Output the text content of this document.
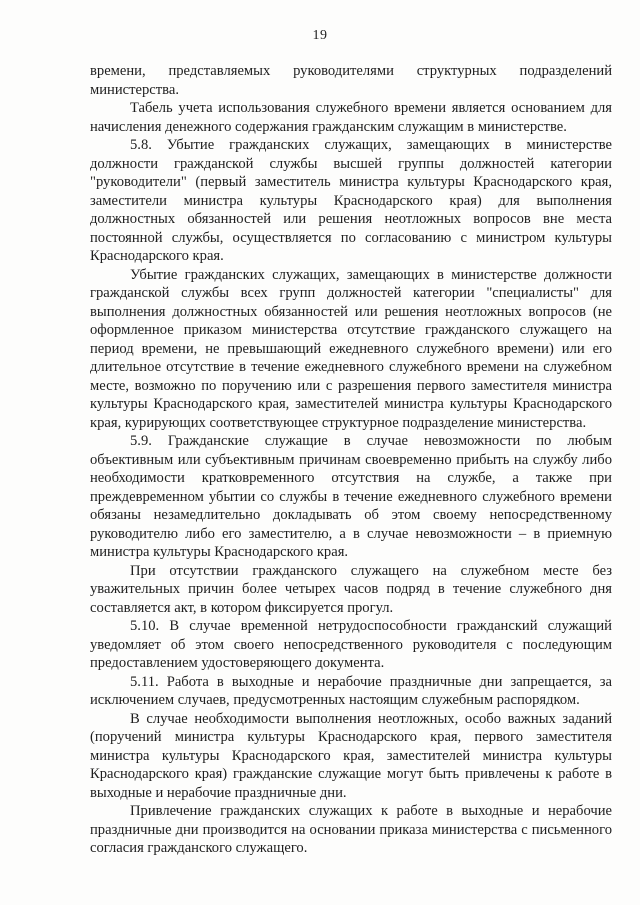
19

времени, представляемых руководителями структурных подразделений министерства.

Табель учета использования служебного времени является основанием для начисления денежного содержания гражданским служащим в министерстве.

5.8. Убытие гражданских служащих, замещающих в министерстве должности гражданской службы высшей группы должностей категории "руководители" (первый заместитель министра культуры Краснодарского края, заместители министра культуры Краснодарского края) для выполнения должностных обязанностей или решения неотложных вопросов вне места постоянной службы, осуществляется по согласованию с министром культуры Краснодарского края.

Убытие гражданских служащих, замещающих в министерстве должности гражданской службы всех групп должностей категории "специалисты" для выполнения должностных обязанностей или решения неотложных вопросов (не оформленное приказом министерства отсутствие гражданского служащего на период времени, не превышающий ежедневного служебного времени) или его длительное отсутствие в течение ежедневного служебного времени на служебном месте, возможно по поручению или с разрешения первого заместителя министра культуры Краснодарского края, заместителей министра культуры Краснодарского края, курирующих соответствующее структурное подразделение министерства.

5.9. Гражданские служащие в случае невозможности по любым объективным или субъективным причинам своевременно прибыть на службу либо необходимости кратковременного отсутствия на службе, а также при преждевременном убытии со службы в течение ежедневного служебного времени обязаны незамедлительно докладывать об этом своему непосредственному руководителю либо его заместителю, а в случае невозможности – в приемную министра культуры Краснодарского края.

При отсутствии гражданского служащего на служебном месте без уважительных причин более четырех часов подряд в течение служебного дня составляется акт, в котором фиксируется прогул.

5.10. В случае временной нетрудоспособности гражданский служащий уведомляет об этом своего непосредственного руководителя с последующим предоставлением удостоверяющего документа.

5.11. Работа в выходные и нерабочие праздничные дни запрещается, за исключением случаев, предусмотренных настоящим служебным распорядком.

В случае необходимости выполнения неотложных, особо важных заданий (поручений министра культуры Краснодарского края, первого заместителя министра культуры Краснодарского края, заместителей министра культуры Краснодарского края) гражданские служащие могут быть привлечены к работе в выходные и нерабочие праздничные дни.

Привлечение гражданских служащих к работе в выходные и нерабочие праздничные дни производится на основании приказа министерства с письменного согласия гражданского служащего.
